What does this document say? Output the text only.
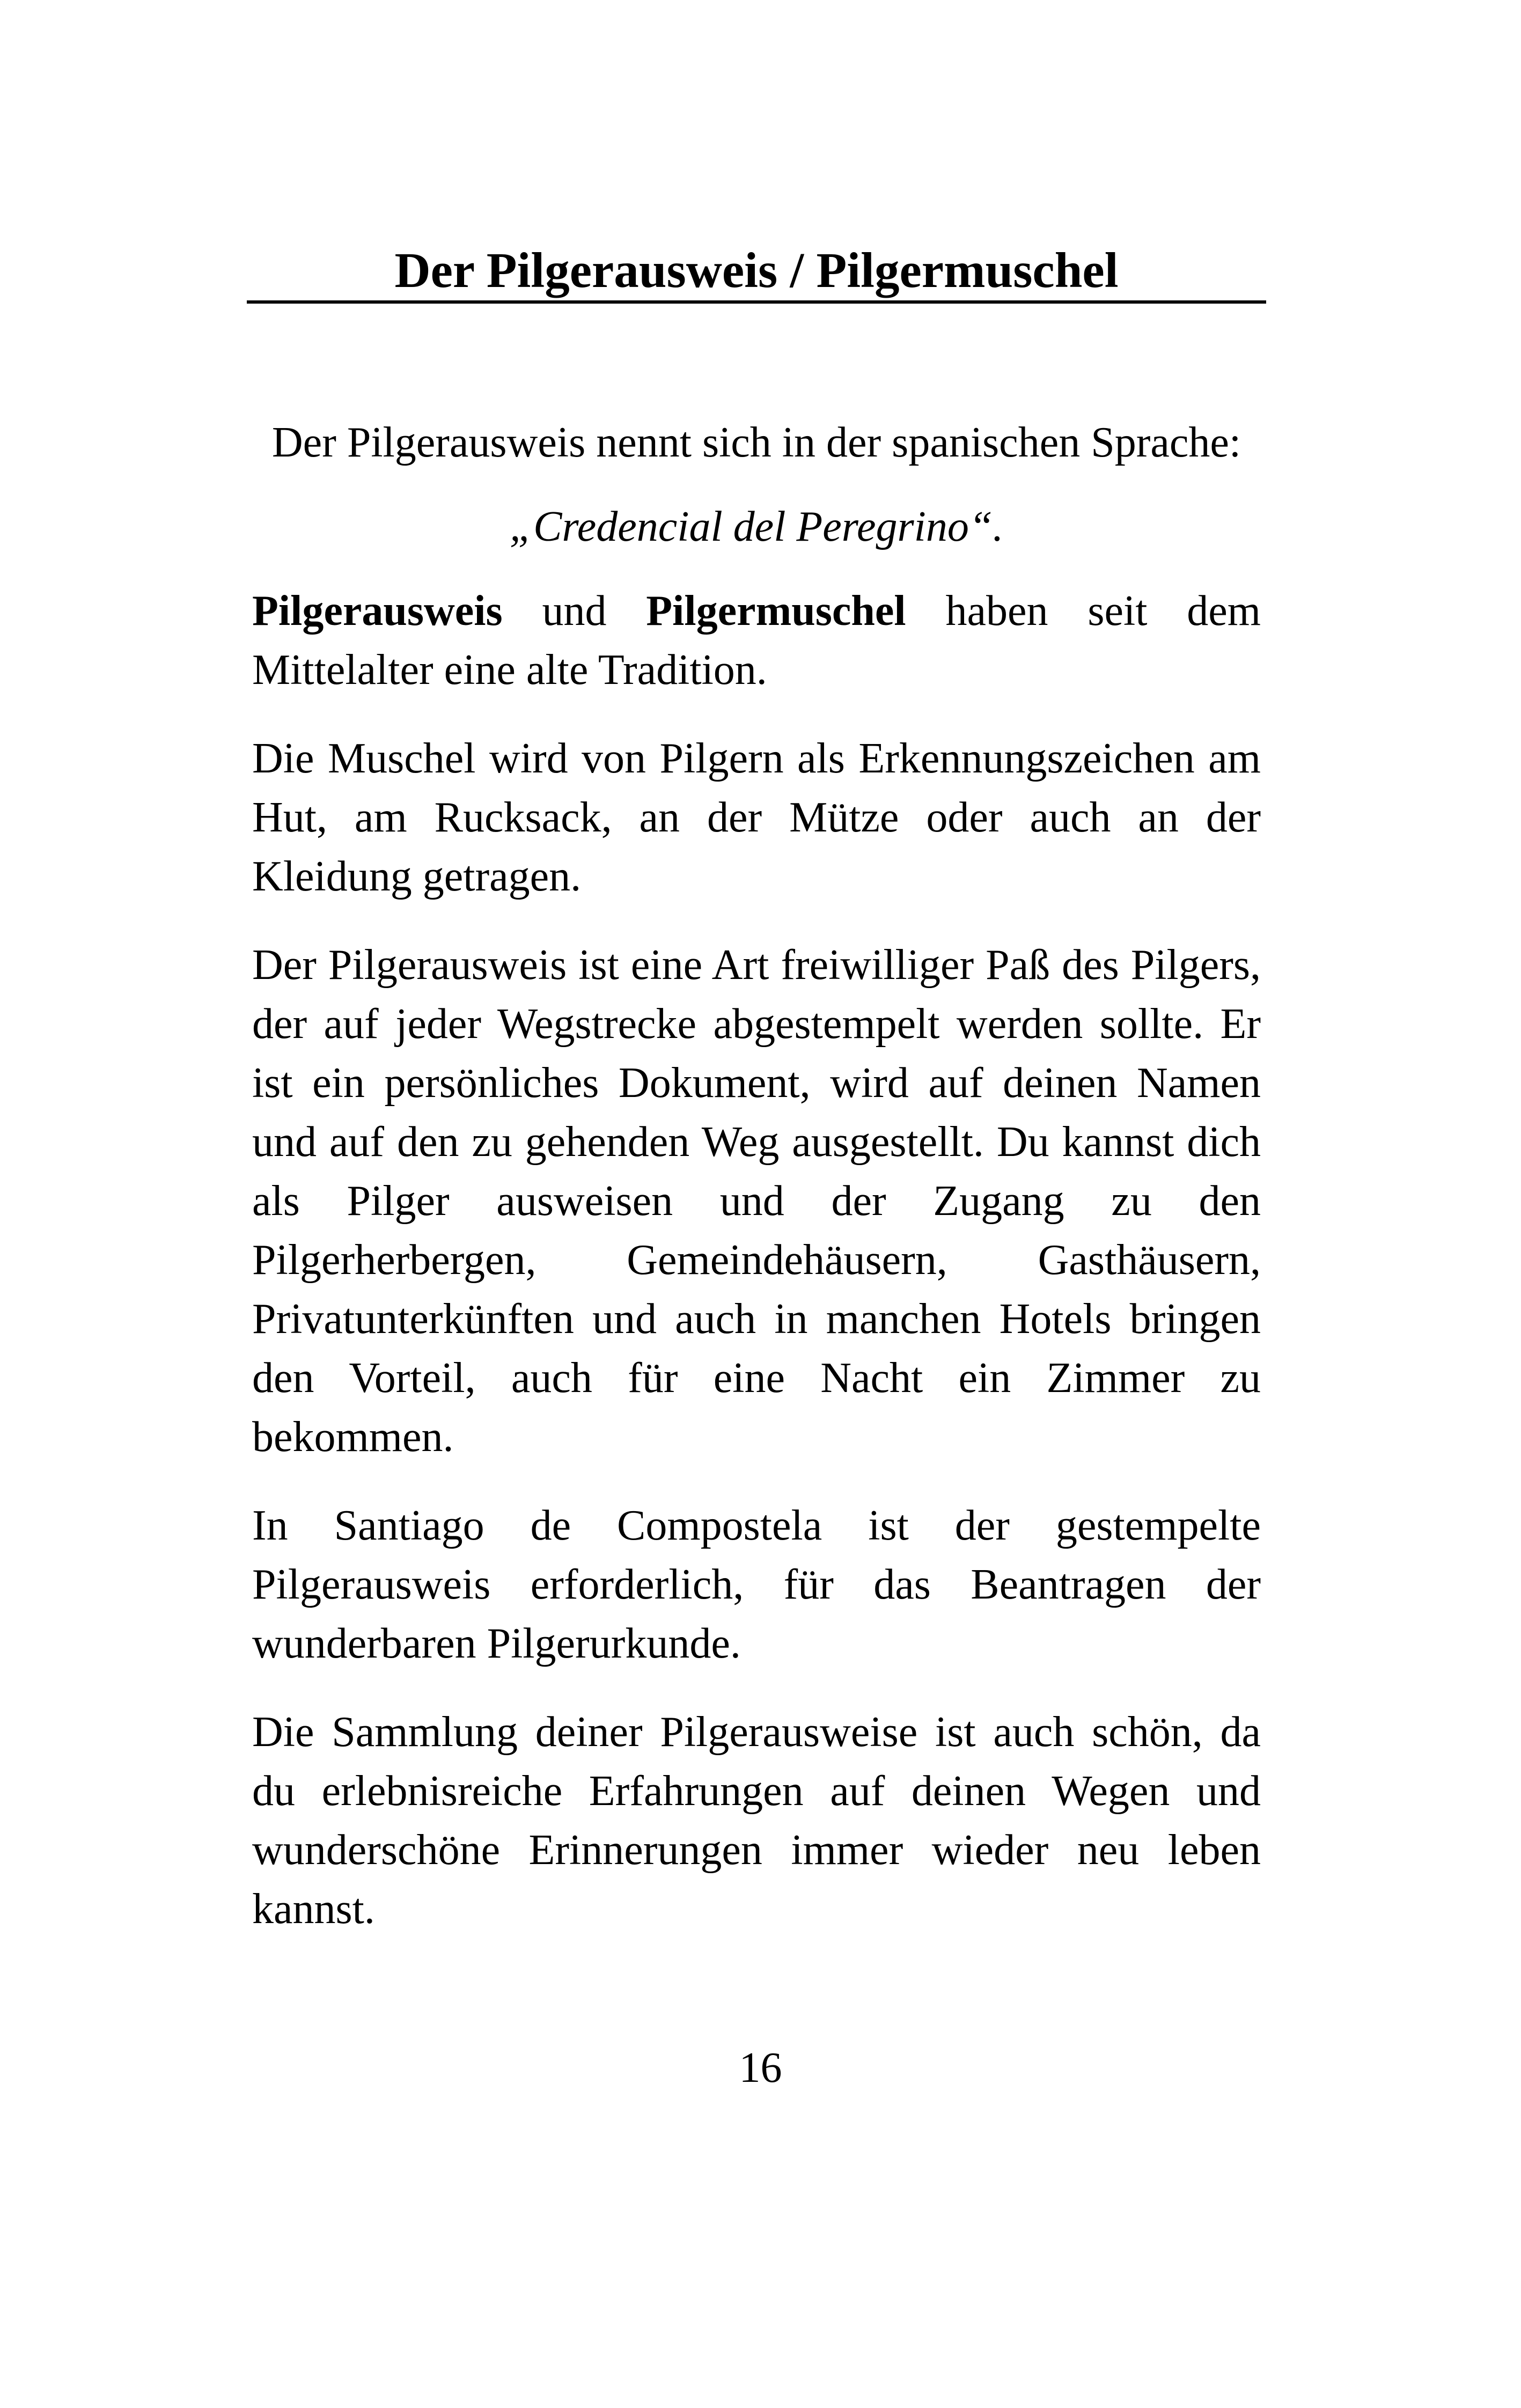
Der Pilgerausweis / Pilgermuschel

Der Pilgerausweis nennt sich in der spanischen Sprache:

„Credencial del Peregrino“.

Pilgerausweis und Pilgermuschel haben seit dem Mittelalter eine alte Tradition.

Die Muschel wird von Pilgern als Erkennungszeichen am Hut, am Rucksack, an der Mütze oder auch an der Kleidung getragen.

Der Pilgerausweis ist eine Art freiwilliger Paß des Pilgers, der auf jeder Wegstrecke abgestempelt werden sollte. Er ist ein persönliches Dokument, wird auf deinen Namen und auf den zu gehenden Weg ausgestellt. Du kannst dich als Pilger ausweisen und der Zugang zu den Pilgerherbergen, Gemeindehäusern, Gasthäusern, Privatunterkünften und auch in manchen Hotels bringen den Vorteil, auch für eine Nacht ein Zimmer zu bekommen.

In Santiago de Compostela ist der gestempelte Pilgerausweis erforderlich, für das Beantragen der wunderbaren Pilgerurkunde.

Die Sammlung deiner Pilgerausweise ist auch schön, da du erlebnisreiche Erfahrungen auf deinen Wegen und wunderschöne Erinnerungen immer wieder neu leben kannst.

16
